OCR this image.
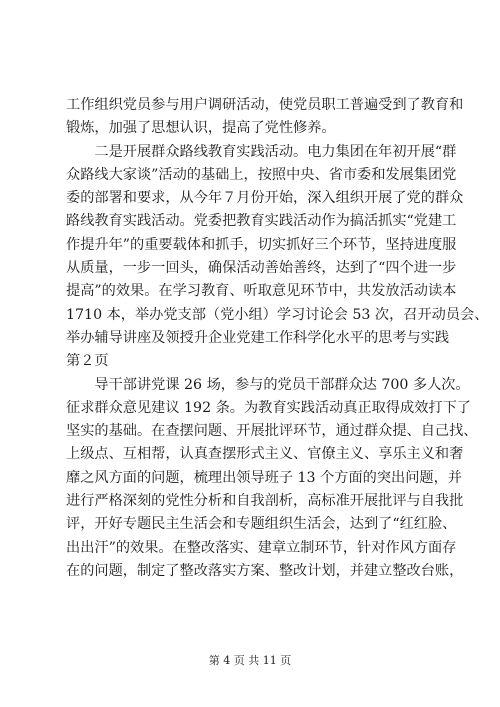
工作组织党员参与用户调研活动，使党员职工普遍受到了教育和
锻炼，加强了思想认识，提高了党性修养。
　　二是开展群众路线教育实践活动。电力集团在年初开展“群
众路线大家谈”活动的基础上，按照中央、省市委和发展集团党
委的部署和要求，从今年７月份开始，深入组织开展了党的群众
路线教育实践活动。党委把教育实践活动作为搞活抓实“党建工
作提升年”的重要载体和抓手，切实抓好三个环节，坚持进度服
从质量，一步一回头，确保活动善始善终，达到了“四个进一步
提高”的效果。在学习教育、听取意见环节中，共发放活动读本
1710 本，举办党支部（党小组）学习讨论会 53 次，召开动员会、
举办辅导讲座及领授升企业党建工作科学化水平的思考与实践
第２页
　　导干部讲党课 26 场，参与的党员干部群众达 700 多人次。
征求群众意见建议 192 条。为教育实践活动真正取得成效打下了
坚实的基础。在查摆问题、开展批评环节，通过群众提、自己找、
上级点、互相帮，认真查摆形式主义、官僚主义、享乐主义和奢
靡之风方面的问题，梳理出领导班子 13 个方面的突出问题，并
进行严格深刻的党性分析和自我剖析，高标准开展批评与自我批
评，开好专题民主生活会和专题组织生活会，达到了“红红脸、
出出汗”的效果。在整改落实、建章立制环节，针对作风方面存
在的问题，制定了整改落实方案、整改计划，并建立整改台账，
第 4 页 共 11 页
